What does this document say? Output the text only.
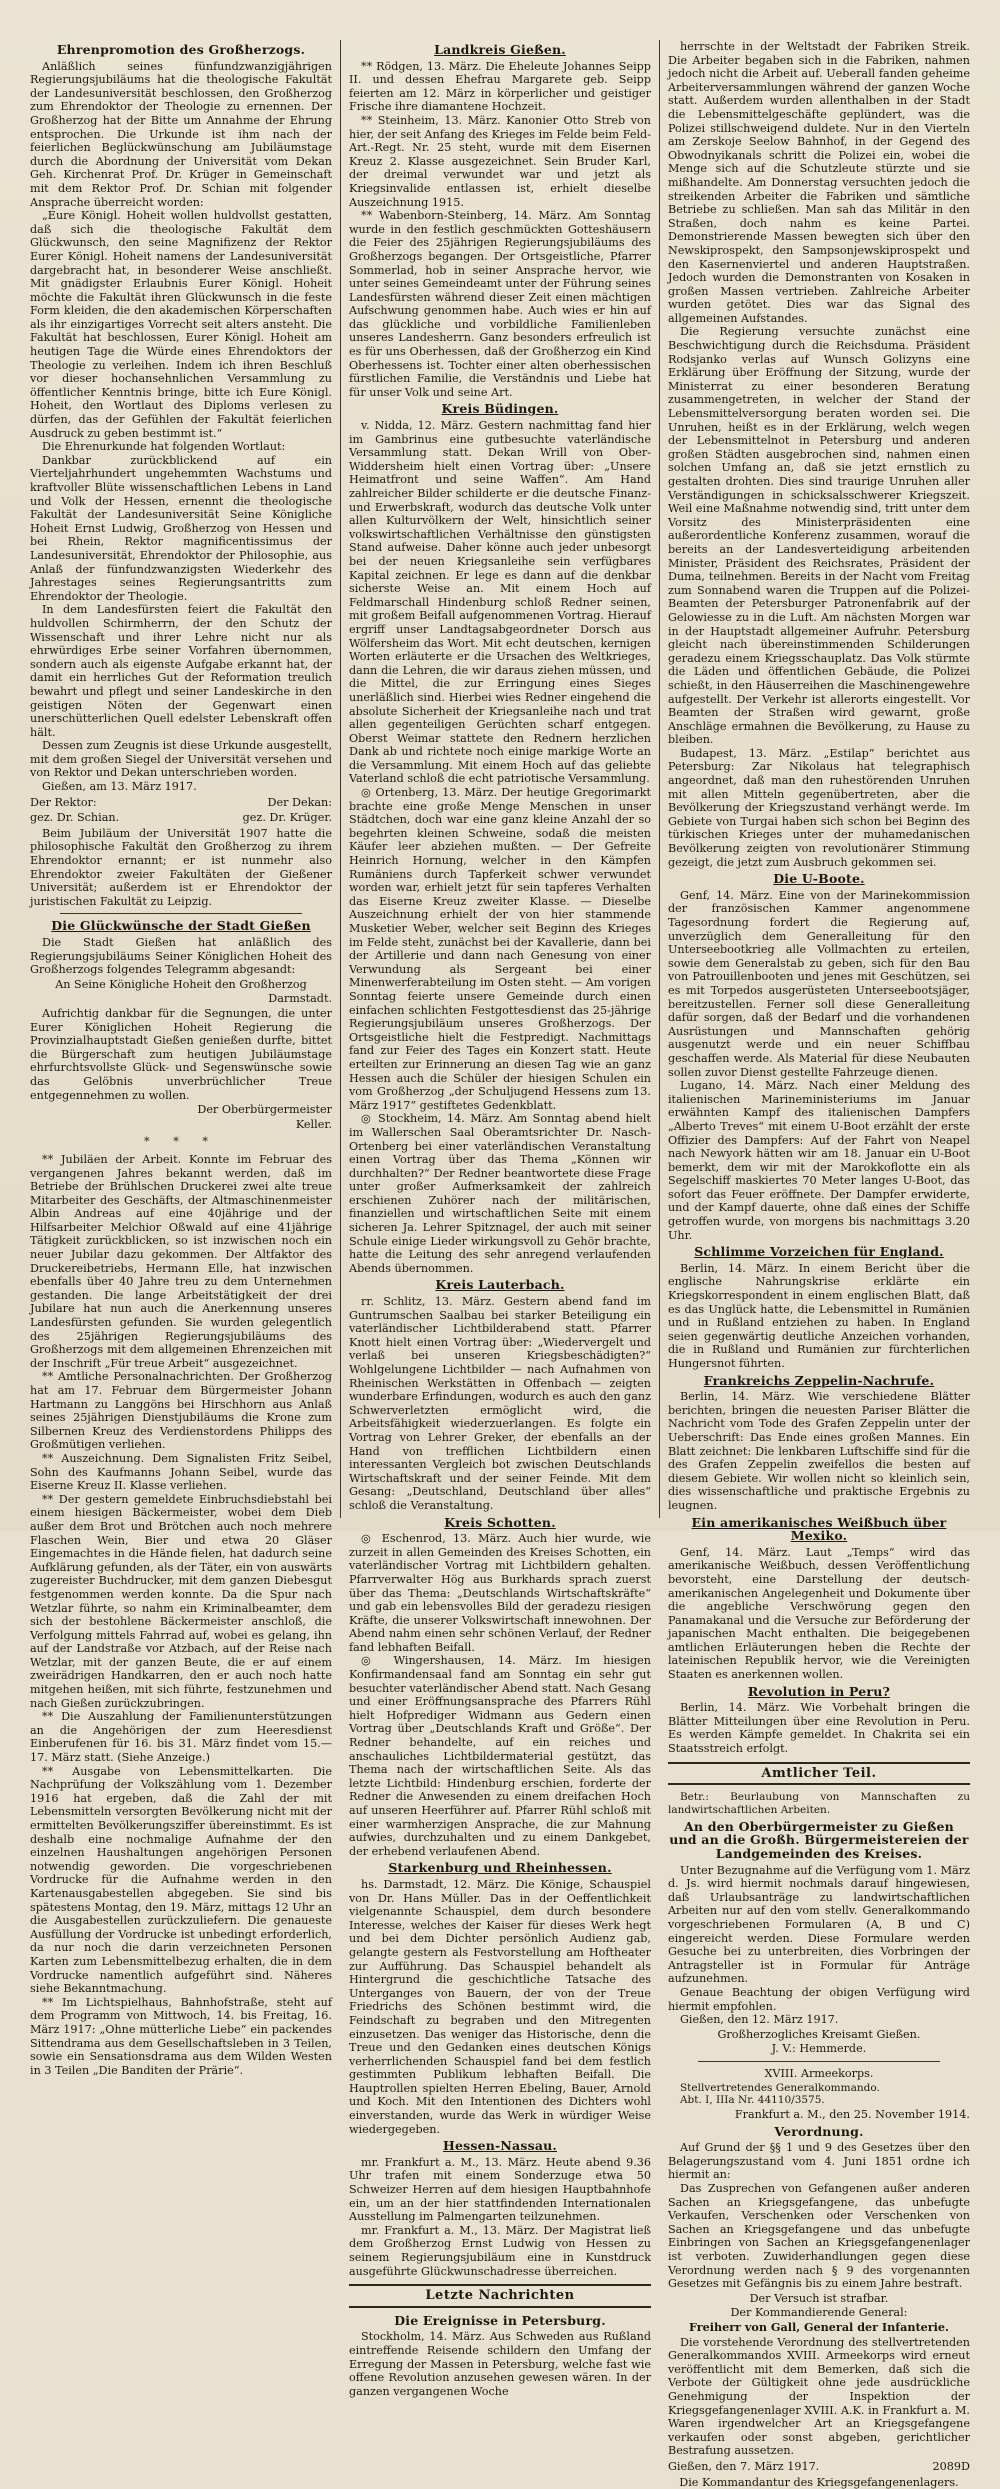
Ehrenpromotion des Großherzogs.

Anläßlich seines fünfundzwanzigjährigen Regierungsjubiläums hat die theologische Fakultät der Landesuniversität beschlossen, den Großherzog zum Ehrendoktor der Theologie zu ernennen. Der Großherzog hat der Bitte um Annahme der Ehrung entsprochen. Die Urkunde ist ihm nach der feierlichen Beglückwünschung am Jubiläumstage durch die Abordnung der Universität vom Dekan Geh. Kirchenrat Prof. Dr. Krüger in Gemeinschaft mit dem Rektor Prof. Dr. Schian mit folgender Ansprache überreicht worden:

„Eure Königl. Hoheit wollen huldvollst gestatten, daß sich die theologische Fakultät dem Glückwunsch, den seine Magnifizenz der Rektor Eurer Königl. Hoheit namens der Landesuniversität dargebracht hat, in besonderer Weise anschließt. Mit gnädigster Erlaubnis Eurer Königl. Hoheit möchte die Fakultät ihren Glückwunsch in die feste Form kleiden, die den akademischen Körperschaften als ihr einzigartiges Vorrecht seit alters ansteht. Die Fakultät hat beschlossen, Eurer Königl. Hoheit am heutigen Tage die Würde eines Ehrendoktors der Theologie zu verleihen. Indem ich ihren Beschluß vor dieser hochansehnlichen Versammlung zu öffentlicher Kenntnis bringe, bitte ich Eure Königl. Hoheit, den Wortlaut des Diploms verlesen zu dürfen, das der Gefühlen der Fakultät feierlichen Ausdruck zu geben bestimmt ist.“

Die Ehrenurkunde hat folgenden Wortlaut:

Dankbar zurückblickend auf ein Vierteljahrhundert ungehemmten Wachstums und kraftvoller Blüte wissenschaftlichen Lebens in Land und Volk der Hessen, ernennt die theologische Fakultät der Landesuniversität Seine Königliche Hoheit Ernst Ludwig, Großherzog von Hessen und bei Rhein, Rektor magnificentissimus der Landesuniversität, Ehrendoktor der Philosophie, aus Anlaß der fünfundzwanzigsten Wiederkehr des Jahrestages seines Regierungsantritts zum Ehrendoktor der Theologie.

In dem Landesfürsten feiert die Fakultät den huldvollen Schirmherrn, der den Schutz der Wissenschaft und ihrer Lehre nicht nur als ehrwürdiges Erbe seiner Vorfahren übernommen, sondern auch als eigenste Aufgabe erkannt hat, der damit ein herrliches Gut der Reformation treulich bewahrt und pflegt und seiner Landeskirche in den geistigen Nöten der Gegenwart einen unerschütterlichen Quell edelster Lebenskraft offen hält.

Dessen zum Zeugnis ist diese Urkunde ausgestellt, mit dem großen Siegel der Universität versehen und von Rektor und Dekan unterschrieben worden.

Gießen, am 13. März 1917.

Der Rektor:	Der Dekan:
gez. Dr. Schian.	gez. Dr. Krüger.

Beim Jubiläum der Universität 1907 hatte die philosophische Fakultät den Großherzog zu ihrem Ehrendoktor ernannt; er ist nunmehr also Ehrendoktor zweier Fakultäten der Gießener Universität; außerdem ist er Ehrendoktor der juristischen Fakultät zu Leipzig.

Die Glückwünsche der Stadt Gießen

Die Stadt Gießen hat anläßlich des Regierungsjubiläums Seiner Königlichen Hoheit des Großherzogs folgendes Telegramm abgesandt:

An Seine Königliche Hoheit den Großherzog

Darmstadt.

Aufrichtig dankbar für die Segnungen, die unter Eurer Königlichen Hoheit Regierung die Provinzialhauptstadt Gießen genießen durfte, bittet die Bürgerschaft zum heutigen Jubiläumstage ehrfurchtsvollste Glück- und Segenswünsche sowie das Gelöbnis unverbrüchlicher Treue entgegennehmen zu wollen.

Der Oberbürgermeister

Keller.

* * *

** Jubiläen der Arbeit. Konnte im Februar des vergangenen Jahres bekannt werden, daß im Betriebe der Brühlschen Druckerei zwei alte treue Mitarbeiter des Geschäfts, der Altmaschinenmeister Albin Andreas auf eine 40jährige und der Hilfsarbeiter Melchior Oßwald auf eine 41jährige Tätigkeit zurückblicken, so ist inzwischen noch ein neuer Jubilar dazu gekommen. Der Altfaktor des Druckereibetriebs, Hermann Elle, hat inzwischen ebenfalls über 40 Jahre treu zu dem Unternehmen gestanden. Die lange Arbeitstätigkeit der drei Jubilare hat nun auch die Anerkennung unseres Landesfürsten gefunden. Sie wurden gelegentlich des 25jährigen Regierungsjubiläums des Großherzogs mit dem allgemeinen Ehrenzeichen mit der Inschrift „Für treue Arbeit“ ausgezeichnet.

** Amtliche Personalnachrichten. Der Großherzog hat am 17. Februar dem Bürgermeister Johann Hartmann zu Langgöns bei Hirschhorn aus Anlaß seines 25jährigen Dienstjubiläums die Krone zum Silbernen Kreuz des Verdienstordens Philipps des Großmütigen verliehen.

** Auszeichnung. Dem Signalisten Fritz Seibel, Sohn des Kaufmanns Johann Seibel, wurde das Eiserne Kreuz II. Klasse verliehen.

** Der gestern gemeldete Einbruchsdiebstahl bei einem hiesigen Bäckermeister, wobei dem Dieb außer dem Brot und Brötchen auch noch mehrere Flaschen Wein, Bier und etwa 20 Gläser Eingemachtes in die Hände fielen, hat dadurch seine Aufklärung gefunden, als der Täter, ein von auswärts zugereister Buchdrucker, mit dem ganzen Diebesgut festgenommen werden konnte. Da die Spur nach Wetzlar führte, so nahm ein Kriminalbeamter, dem sich der bestohlene Bäckermeister anschloß, die Verfolgung mittels Fahrrad auf, wobei es gelang, ihn auf der Landstraße vor Atzbach, auf der Reise nach Wetzlar, mit der ganzen Beute, die er auf einem zweirädrigen Handkarren, den er auch noch hatte mitgehen heißen, mit sich führte, festzunehmen und nach Gießen zurückzubringen.

** Die Auszahlung der Familienunterstützungen an die Angehörigen der zum Heeresdienst Einberufenen für 16. bis 31. März findet vom 15.—17. März statt. (Siehe Anzeige.)

** Ausgabe von Lebensmittelkarten. Die Nachprüfung der Volkszählung vom 1. Dezember 1916 hat ergeben, daß die Zahl der mit Lebensmitteln versorgten Bevölkerung nicht mit der ermittelten Bevölkerungsziffer übereinstimmt. Es ist deshalb eine nochmalige Aufnahme der den einzelnen Haushaltungen angehörigen Personen notwendig geworden. Die vorgeschriebenen Vordrucke für die Aufnahme werden in den Kartenausgabestellen abgegeben. Sie sind bis spätestens Montag, den 19. März, mittags 12 Uhr an die Ausgabestellen zurückzuliefern. Die genaueste Ausfüllung der Vordrucke ist unbedingt erforderlich, da nur noch die darin verzeichneten Personen Karten zum Lebensmittelbezug erhalten, die in dem Vordrucke namentlich aufgeführt sind. Näheres siehe Bekanntmachung.

** Im Lichtspielhaus, Bahnhofstraße, steht auf dem Programm von Mittwoch, 14. bis Freitag, 16. März 1917: „Ohne mütterliche Liebe“ ein packendes Sittendrama aus dem Gesellschaftsleben in 3 Teilen, sowie ein Sensationsdrama aus dem Wilden Westen in 3 Teilen „Die Banditen der Prärie“.

Landkreis Gießen.

** Rödgen, 13. März. Die Eheleute Johannes Seipp II. und dessen Ehefrau Margarete geb. Seipp feierten am 12. März in körperlicher und geistiger Frische ihre diamantene Hochzeit.

** Steinheim, 13. März. Kanonier Otto Streb von hier, der seit Anfang des Krieges im Felde beim Feld-Art.-Regt. Nr. 25 steht, wurde mit dem Eisernen Kreuz 2. Klasse ausgezeichnet. Sein Bruder Karl, der dreimal verwundet war und jetzt als Kriegsinvalide entlassen ist, erhielt dieselbe Auszeichnung 1915.

** Wabenborn-Steinberg, 14. März. Am Sonntag wurde in den festlich geschmückten Gotteshäusern die Feier des 25jährigen Regierungsjubiläums des Großherzogs begangen. Der Ortsgeistliche, Pfarrer Sommerlad, hob in seiner Ansprache hervor, wie unter seines Gemeindeamt unter der Führung seines Landesfürsten während dieser Zeit einen mächtigen Aufschwung genommen habe. Auch wies er hin auf das glückliche und vorbildliche Familienleben unseres Landesherrn. Ganz besonders erfreulich ist es für uns Oberhessen, daß der Großherzog ein Kind Oberhessens ist. Tochter einer alten oberhessischen fürstlichen Familie, die Verständnis und Liebe hat für unser Volk und seine Art.

Kreis Büdingen.

v. Nidda, 12. März. Gestern nachmittag fand hier im Gambrinus eine gutbesuchte vaterländische Versammlung statt. Dekan Wrill von Ober-Widdersheim hielt einen Vortrag über: „Unsere Heimatfront und seine Waffen“. Am Hand zahlreicher Bilder schilderte er die deutsche Finanz- und Erwerbskraft, wodurch das deutsche Volk unter allen Kulturvölkern der Welt, hinsichtlich seiner volkswirtschaftlichen Verhältnisse den günstigsten Stand aufweise. Daher könne auch jeder unbesorgt bei der neuen Kriegsanleihe sein verfügbares Kapital zeichnen. Er lege es dann auf die denkbar sicherste Weise an. Mit einem Hoch auf Feldmarschall Hindenburg schloß Redner seinen, mit großem Beifall aufgenommenen Vortrag. Hierauf ergriff unser Landtagsabgeordneter Dorsch aus Wölfersheim das Wort. Mit echt deutschen, kernigen Worten erläuterte er die Ursachen des Weltkrieges, dann die Lehren, die wir daraus ziehen müssen, und die Mittel, die zur Erringung eines Sieges unerläßlich sind. Hierbei wies Redner eingehend die absolute Sicherheit der Kriegsanleihe nach und trat allen gegenteiligen Gerüchten scharf entgegen. Oberst Weimar stattete den Rednern herzlichen Dank ab und richtete noch einige markige Worte an die Versammlung. Mit einem Hoch auf das geliebte Vaterland schloß die echt patriotische Versammlung.

◎ Ortenberg, 13. März. Der heutige Gregorimarkt brachte eine große Menge Menschen in unser Städtchen, doch war eine ganz kleine Anzahl der so begehrten kleinen Schweine, sodaß die meisten Käufer leer abziehen mußten. — Der Gefreite Heinrich Hornung, welcher in den Kämpfen Rumäniens durch Tapferkeit schwer verwundet worden war, erhielt jetzt für sein tapferes Verhalten das Eiserne Kreuz zweiter Klasse. — Dieselbe Auszeichnung erhielt der von hier stammende Musketier Weber, welcher seit Beginn des Krieges im Felde steht, zunächst bei der Kavallerie, dann bei der Artillerie und dann nach Genesung von einer Verwundung als Sergeant bei einer Minenwerferabteilung im Osten steht. — Am vorigen Sonntag feierte unsere Gemeinde durch einen einfachen schlichten Festgottesdienst das 25-jährige Regierungsjubiläum unseres Großherzogs. Der Ortsgeistliche hielt die Festpredigt. Nachmittags fand zur Feier des Tages ein Konzert statt. Heute erteilten zur Erinnerung an diesen Tag wie an ganz Hessen auch die Schüler der hiesigen Schulen ein vom Großherzog „der Schuljugend Hessens zum 13. März 1917“ gestiftetes Gedenkblatt.

◎ Stockheim, 14. März. Am Sonntag abend hielt im Wallerschen Saal Oberamtsrichter Dr. Nasch-Ortenberg bei einer vaterländischen Veranstaltung einen Vortrag über das Thema „Können wir durchhalten?“ Der Redner beantwortete diese Frage unter großer Aufmerksamkeit der zahlreich erschienen Zuhörer nach der militärischen, finanziellen und wirtschaftlichen Seite mit einem sicheren Ja. Lehrer Spitznagel, der auch mit seiner Schule einige Lieder wirkungsvoll zu Gehör brachte, hatte die Leitung des sehr anregend verlaufenden Abends übernommen.

Kreis Lauterbach.

rr. Schlitz, 13. März. Gestern abend fand im Guntrumschen Saalbau bei starker Beteiligung ein vaterländischer Lichtbilderabend statt. Pfarrer Knott hielt einen Vortrag über: „Wiedervergelt und verlaß bei unseren Kriegsbeschädigten?“ Wohlgelungene Lichtbilder — nach Aufnahmen von Rheinischen Werkstätten in Offenbach — zeigten wunderbare Erfindungen, wodurch es auch den ganz Schwerverletzten ermöglicht wird, die Arbeitsfähigkeit wiederzuerlangen. Es folgte ein Vortrag von Lehrer Greker, der ebenfalls an der Hand von trefflichen Lichtbildern einen interessanten Vergleich bot zwischen Deutschlands Wirtschaftskraft und der seiner Feinde. Mit dem Gesang: „Deutschland, Deutschland über alles“ schloß die Veranstaltung.

Kreis Schotten.

◎ Eschenrod, 13. März. Auch hier wurde, wie zurzeit in allen Gemeinden des Kreises Schotten, ein vaterländischer Vortrag mit Lichtbildern gehalten. Pfarrverwalter Hög aus Burkhards sprach zuerst über das Thema: „Deutschlands Wirtschaftskräfte“ und gab ein lebensvolles Bild der geradezu riesigen Kräfte, die unserer Volkswirtschaft innewohnen. Der Abend nahm einen sehr schönen Verlauf, der Redner fand lebhaften Beifall.

◎ Wingershausen, 14. März. Im hiesigen Konfirmandensaal fand am Sonntag ein sehr gut besuchter vaterländischer Abend statt. Nach Gesang und einer Eröffnungsansprache des Pfarrers Rühl hielt Hofprediger Widmann aus Gedern einen Vortrag über „Deutschlands Kraft und Größe“. Der Redner behandelte, auf ein reiches und anschauliches Lichtbildermaterial gestützt, das Thema nach der wirtschaftlichen Seite. Als das letzte Lichtbild: Hindenburg erschien, forderte der Redner die Anwesenden zu einem dreifachen Hoch auf unseren Heerführer auf. Pfarrer Rühl schloß mit einer warmherzigen Ansprache, die zur Mahnung aufwies, durchzuhalten und zu einem Dankgebet, der erhebend verlaufenen Abend.

Starkenburg und Rheinhessen.

hs. Darmstadt, 12. März. Die Könige, Schauspiel von Dr. Hans Müller. Das in der Oeffentlichkeit vielgenannte Schauspiel, dem durch besondere Interesse, welches der Kaiser für dieses Werk hegt und bei dem Dichter persönlich Audienz gab, gelangte gestern als Festvorstellung am Hoftheater zur Aufführung. Das Schauspiel behandelt als Hintergrund die geschichtliche Tatsache des Unterganges von Bauern, der von der Treue Friedrichs des Schönen bestimmt wird, die Feindschaft zu begraben und den Mitregenten einzusetzen. Das weniger das Historische, denn die Treue und den Gedanken eines deutschen Königs verherrlichenden Schauspiel fand bei dem festlich gestimmten Publikum lebhaften Beifall. Die Hauptrollen spielten Herren Ebeling, Bauer, Arnold und Koch. Mit den Intentionen des Dichters wohl einverstanden, wurde das Werk in würdiger Weise wiedergegeben.

Hessen-Nassau.

mr. Frankfurt a. M., 13. März. Heute abend 9.36 Uhr trafen mit einem Sonderzuge etwa 50 Schweizer Herren auf dem hiesigen Hauptbahnhofe ein, um an der hier stattfindenden Internationalen Ausstellung im Palmengarten teilzunehmen.

mr. Frankfurt a. M., 13. März. Der Magistrat ließ dem Großherzog Ernst Ludwig von Hessen zu seinem Regierungsjubiläum eine in Kunstdruck ausgeführte Glückwunschadresse überreichen.

Letzte Nachrichten
Die Ereignisse in Petersburg.

Stockholm, 14. März. Aus Schweden aus Rußland eintreffende Reisende schildern den Umfang der Erregung der Massen in Petersburg, welche fast wie offene Revolution anzusehen gewesen wären. In der ganzen vergangenen Woche

herrschte in der Weltstadt der Fabriken Streik. Die Arbeiter begaben sich in die Fabriken, nahmen jedoch nicht die Arbeit auf. Ueberall fanden geheime Arbeiterversammlungen während der ganzen Woche statt. Außerdem wurden allenthalben in der Stadt die Lebensmittelgeschäfte geplündert, was die Polizei stillschweigend duldete. Nur in den Vierteln am Zerskoje Seelow Bahnhof, in der Gegend des Obwodnyikanals schritt die Polizei ein, wobei die Menge sich auf die Schutzleute stürzte und sie mißhandelte. Am Donnerstag versuchten jedoch die streikenden Arbeiter die Fabriken und sämtliche Betriebe zu schließen. Man sah das Militär in den Straßen, doch nahm es keine Partei. Demonstrierende Massen bewegten sich über den Newskiprospekt, den Sampsonjewskiprospekt und den Kasernenviertel und anderen Hauptstraßen. Jedoch wurden die Demonstranten von Kosaken in großen Massen vertrieben. Zahlreiche Arbeiter wurden getötet. Dies war das Signal des allgemeinen Aufstandes.

Die Regierung versuchte zunächst eine Beschwichtigung durch die Reichsduma. Präsident Rodsjanko verlas auf Wunsch Golizyns eine Erklärung über Eröffnung der Sitzung, wurde der Ministerrat zu einer besonderen Beratung zusammengetreten, in welcher der Stand der Lebensmittelversorgung beraten worden sei. Die Unruhen, heißt es in der Erklärung, welch wegen der Lebensmittelnot in Petersburg und anderen großen Städten ausgebrochen sind, nahmen einen solchen Umfang an, daß sie jetzt ernstlich zu gestalten drohten. Dies sind traurige Unruhen aller Verständigungen in schicksalsschwerer Kriegszeit. Weil eine Maßnahme notwendig sind, tritt unter dem Vorsitz des Ministerpräsidenten eine außerordentliche Konferenz zusammen, worauf die bereits an der Landesverteidigung arbeitenden Minister, Präsident des Reichsrates, Präsident der Duma, teilnehmen. Bereits in der Nacht vom Freitag zum Sonnabend waren die Truppen auf die Polizei-Beamten der Petersburger Patronenfabrik auf der Gelowiesse zu in die Luft. Am nächsten Morgen war in der Hauptstadt allgemeiner Aufruhr. Petersburg gleicht nach übereinstimmenden Schilderungen geradezu einem Kriegsschauplatz. Das Volk stürmte die Läden und öffentlichen Gebäude, die Polizei schießt, in den Häuserreihen die Maschinengewehre aufgestellt. Der Verkehr ist allerorts eingestellt. Vor Beamten der Straßen wird gewarnt, große Anschläge ermahnen die Bevölkerung, zu Hause zu bleiben.

Budapest, 13. März. „Estilap“ berichtet aus Petersburg: Zar Nikolaus hat telegraphisch angeordnet, daß man den ruhestörenden Unruhen mit allen Mitteln gegenübertreten, aber die Bevölkerung der Kriegszustand verhängt werde. Im Gebiete von Turgai haben sich schon bei Beginn des türkischen Krieges unter der muhamedanischen Bevölkerung zeigten von revolutionärer Stimmung gezeigt, die jetzt zum Ausbruch gekommen sei.

Die U-Boote.

Genf, 14. März. Eine von der Marinekommission der französischen Kammer angenommene Tagesordnung fordert die Regierung auf, unverzüglich dem Generalleitung für den Unterseebootkrieg alle Vollmachten zu erteilen, sowie dem Generalstab zu geben, sich für den Bau von Patrouillenbooten und jenes mit Geschützen, sei es mit Torpedos ausgerüsteten Unterseebootsjäger, bereitzustellen. Ferner soll diese Generalleitung dafür sorgen, daß der Bedarf und die vorhandenen Ausrüstungen und Mannschaften gehörig ausgenutzt werde und ein neuer Schiffbau geschaffen werde. Als Material für diese Neubauten sollen zuvor Dienst gestellte Fahrzeuge dienen.

Lugano, 14. März. Nach einer Meldung des italienischen Marineministeriums im Januar erwähnten Kampf des italienischen Dampfers „Alberto Treves“ mit einem U-Boot erzählt der erste Offizier des Dampfers: Auf der Fahrt von Neapel nach Newyork hätten wir am 18. Januar ein U-Boot bemerkt, dem wir mit der Marokkoflotte ein als Segelschiff maskiertes 70 Meter langes U-Boot, das sofort das Feuer eröffnete. Der Dampfer erwiderte, und der Kampf dauerte, ohne daß eines der Schiffe getroffen wurde, von morgens bis nachmittags 3.20 Uhr.

Schlimme Vorzeichen für England.

Berlin, 14. März. In einem Bericht über die englische Nahrungskrise erklärte ein Kriegskorrespondent in einem englischen Blatt, daß es das Unglück hatte, die Lebensmittel in Rumänien und in Rußland entziehen zu haben. In England seien gegenwärtig deutliche Anzeichen vorhanden, die in Rußland und Rumänien zur fürchterlichen Hungersnot führten.

Frankreichs Zeppelin-Nachrufe.

Berlin, 14. März. Wie verschiedene Blätter berichten, bringen die neuesten Pariser Blätter die Nachricht vom Tode des Grafen Zeppelin unter der Ueberschrift: Das Ende eines großen Mannes. Ein Blatt zeichnet: Die lenkbaren Luftschiffe sind für die des Grafen Zeppelin zweifellos die besten auf diesem Gebiete. Wir wollen nicht so kleinlich sein, dies wissenschaftliche und praktische Ergebnis zu leugnen.

Ein amerikanisches Weißbuch über Mexiko.

Genf, 14. März. Laut „Temps“ wird das amerikanische Weißbuch, dessen Veröffentlichung bevorsteht, eine Darstellung der deutsch-amerikanischen Angelegenheit und Dokumente über die angebliche Verschwörung gegen den Panamakanal und die Versuche zur Beförderung der japanischen Macht enthalten. Die beigegebenen amtlichen Erläuterungen heben die Rechte der lateinischen Republik hervor, wie die Vereinigten Staaten es anerkennen wollen.

Revolution in Peru?

Berlin, 14. März. Wie Vorbehalt bringen die Blätter Mitteilungen über eine Revolution in Peru. Es werden Kämpfe gemeldet. In Chakrita sei ein Staatsstreich erfolgt.

Amtlicher Teil.

Betr.: Beurlaubung von Mannschaften zu landwirtschaftlichen Arbeiten.

An den Oberbürgermeister zu Gießen und an die Großh. Bürgermeistereien der Landgemeinden des Kreises.

Unter Bezugnahme auf die Verfügung vom 1. März d. Js. wird hiermit nochmals darauf hingewiesen, daß Urlaubsanträge zu landwirtschaftlichen Arbeiten nur auf den vom stellv. Generalkommando vorgeschriebenen Formularen (A, B und C) eingereicht werden. Diese Formulare werden Gesuche bei zu unterbreiten, dies Vorbringen der Antragsteller ist in Formular für Anträge aufzunehmen.

Genaue Beachtung der obigen Verfügung wird hiermit empfohlen.

Gießen, den 12. März 1917.

Großherzogliches Kreisamt Gießen.

J. V.: Hemmerde.

XVIII. Armeekorps.

Stellvertretendes Generalkommando.

Abt. I, IIIa Nr. 44110/3575.

Frankfurt a. M., den 25. November 1914.

Verordnung.

Auf Grund der §§ 1 und 9 des Gesetzes über den Belagerungszustand vom 4. Juni 1851 ordne ich hiermit an:

Das Zusprechen von Gefangenen außer anderen Sachen an Kriegsgefangene, das unbefugte Verkaufen, Verschenken oder Verschenken von Sachen an Kriegsgefangene und das unbefugte Einbringen von Sachen an Kriegsgefangenenlager ist verboten. Zuwiderhandlungen gegen diese Verordnung werden nach § 9 des vorgenannten Gesetzes mit Gefängnis bis zu einem Jahre bestraft.

Der Versuch ist strafbar.

Der Kommandierende General:

Freiherr von Gall, General der Infanterie.

Die vorstehende Verordnung des stellvertretenden Generalkommandos XVIII. Armeekorps wird erneut veröffentlicht mit dem Bemerken, daß sich die Verbote der Gültigkeit ohne jede ausdrückliche Genehmigung der Inspektion der Kriegsgefangenenlager XVIII. A.K. in Frankfurt a. M. Waren irgendwelcher Art an Kriegsgefangene verkaufen oder sonst abgeben, gerichtlicher Bestrafung aussetzen.

Gießen, den 7. März 1917.	2089D

Die Kommandantur des Kriegsgefangenenlagers.
